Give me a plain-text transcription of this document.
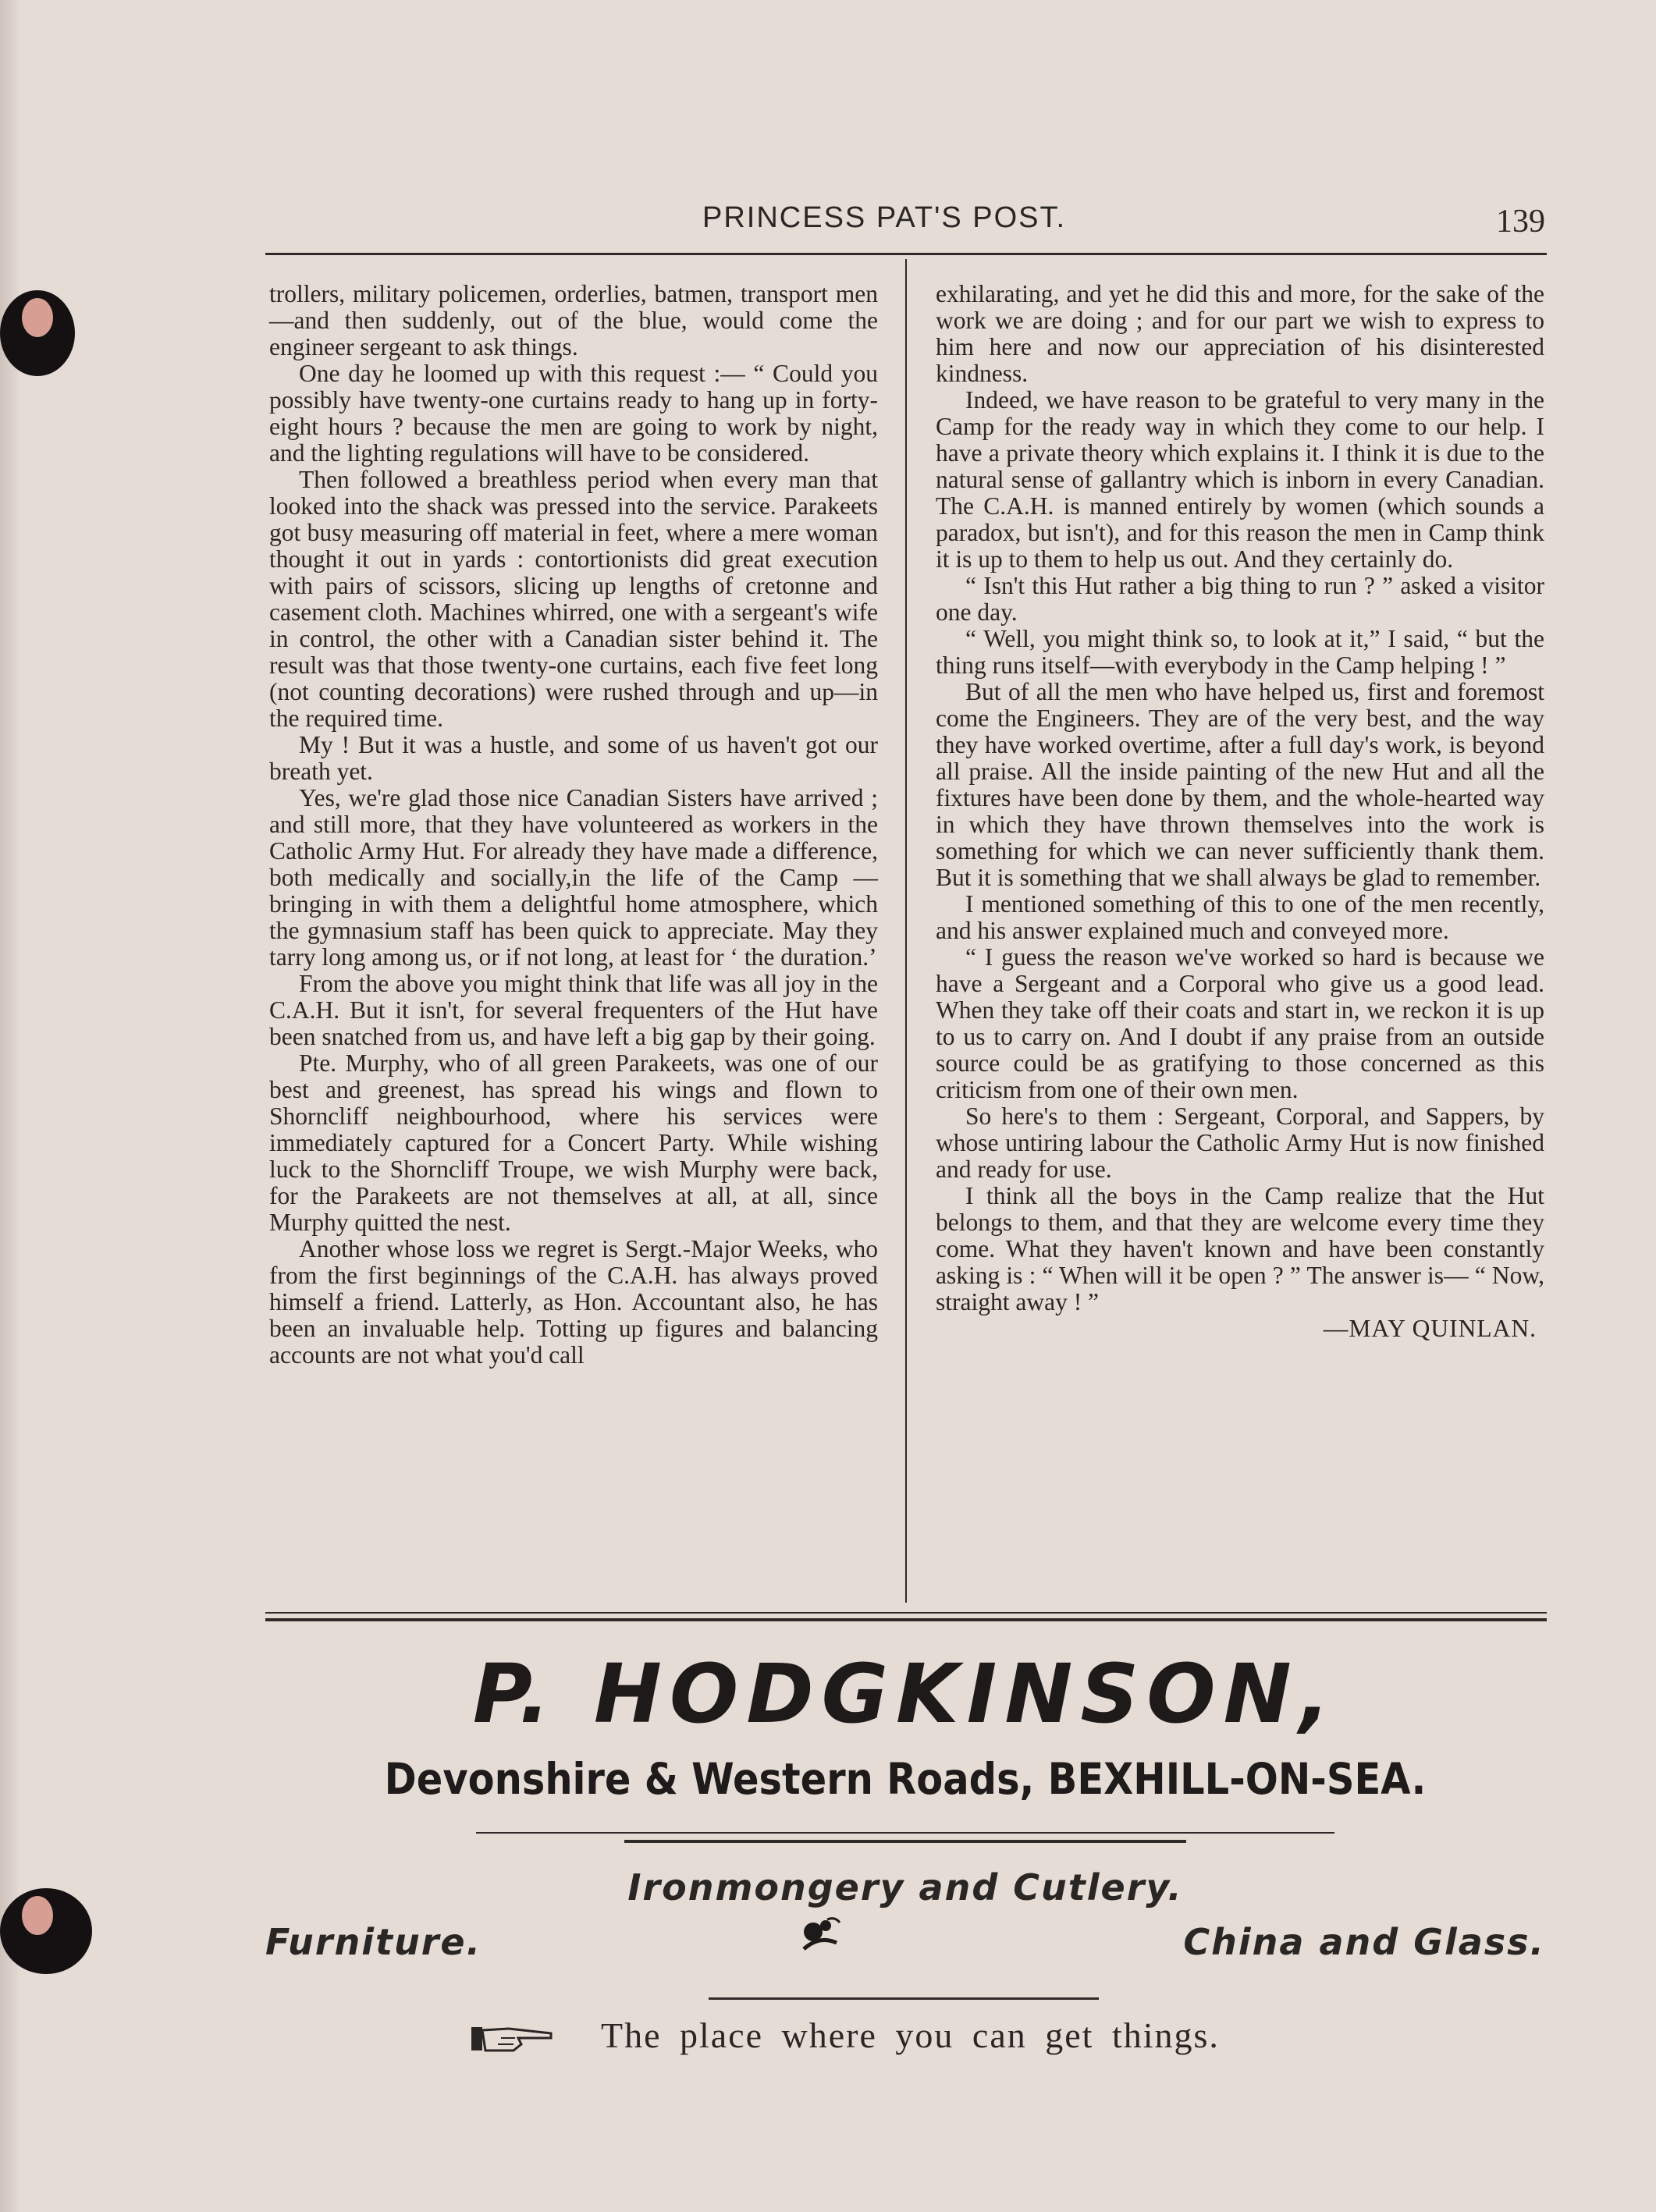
PRINCESS PAT'S POST.	139

trollers, military policemen, orderlies, batmen, transport men—and then suddenly, out of the blue, would come the engineer sergeant to ask things.

One day he loomed up with this request :— “ Could you possibly have twenty-one curtains ready to hang up in forty-eight hours ? because the men are going to work by night, and the lighting regulations will have to be considered.

Then followed a breathless period when every man that looked into the shack was pressed into the service. Parakeets got busy measuring off material in feet, where a mere woman thought it out in yards : contortionists did great execution with pairs of scissors, slicing up lengths of cretonne and casement cloth. Machines whirred, one with a sergeant's wife in control, the other with a Canadian sister behind it. The result was that those twenty-one curtains, each five feet long (not counting decorations) were rushed through and up—in the required time.

My ! But it was a hustle, and some of us haven't got our breath yet.

Yes, we're glad those nice Canadian Sisters have arrived ; and still more, that they have volunteered as workers in the Catholic Army Hut. For already they have made a difference, both medically and socially,in the life of the Camp —bringing in with them a delightful home atmosphere, which the gymnasium staff has been quick to appreciate. May they tarry long among us, or if not long, at least for ‘ the duration.’

From the above you might think that life was all joy in the C.A.H. But it isn't, for several frequenters of the Hut have been snatched from us, and have left a big gap by their going.

Pte. Murphy, who of all green Parakeets, was one of our best and greenest, has spread his wings and flown to Shorncliff neighbourhood, where his services were immediately captured for a Concert Party. While wishing luck to the Shorncliff Troupe, we wish Murphy were back, for the Parakeets are not themselves at all, at all, since Murphy quitted the nest.

Another whose loss we regret is Sergt.-Major Weeks, who from the first beginnings of the C.A.H. has always proved himself a friend. Latterly, as Hon. Accountant also, he has been an invaluable help. Totting up figures and balancing accounts are not what you'd call

exhilarating, and yet he did this and more, for the sake of the work we are doing ; and for our part we wish to express to him here and now our appreciation of his disinterested kindness.

Indeed, we have reason to be grateful to very many in the Camp for the ready way in which they come to our help. I have a private theory which explains it. I think it is due to the natural sense of gallantry which is inborn in every Canadian. The C.A.H. is manned entirely by women (which sounds a paradox, but isn't), and for this reason the men in Camp think it is up to them to help us out. And they certainly do.

“ Isn't this Hut rather a big thing to run ? ” asked a visitor one day.

“ Well, you might think so, to look at it,” I said, “ but the thing runs itself—with everybody in the Camp helping ! ”

But of all the men who have helped us, first and foremost come the Engineers. They are of the very best, and the way they have worked overtime, after a full day's work, is beyond all praise. All the inside painting of the new Hut and all the fixtures have been done by them, and the whole-hearted way in which they have thrown themselves into the work is something for which we can never sufficiently thank them. But it is something that we shall always be glad to remember.

I mentioned something of this to one of the men recently, and his answer explained much and conveyed more.

“ I guess the reason we've worked so hard is because we have a Sergeant and a Corporal who give us a good lead. When they take off their coats and start in, we reckon it is up to us to carry on. And I doubt if any praise from an outside source could be as gratifying to those concerned as this criticism from one of their own men.

So here's to them : Sergeant, Corporal, and Sappers, by whose untiring labour the Catholic Army Hut is now finished and ready for use.

I think all the boys in the Camp realize that the Hut belongs to them, and that they are welcome every time they come. What they haven't known and have been constantly asking is : “ When will it be open ? ” The answer is— “ Now, straight away ! ”

—MAY QUINLAN.

P. HODGKINSON,
Devonshire & Western Roads, BEXHILL-ON-SEA.
Ironmongery and Cutlery.
Furniture.	China and Glass.
The place where you can get things.
